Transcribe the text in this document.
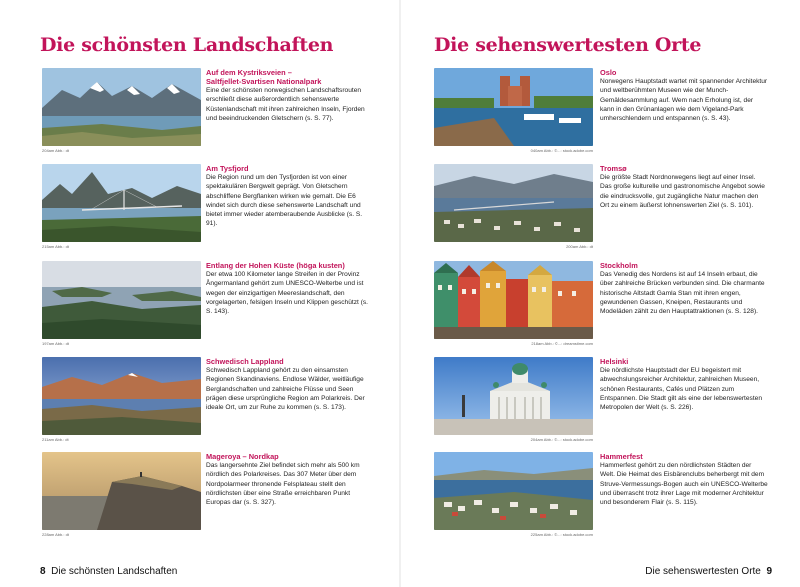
Die schönsten Landschaften
204am Abb.: dt
Auf dem Kystriksveien –
Saltfjellet-Svartisen Nationalpark
Eine der schönsten norwegischen Landschaftsrouten erschließt diese außerordentlich sehenswerte Küstenlandschaft mit ihren zahlreichen Inseln, Fjorden und beeindruckenden Gletschern (s. S. 77).
215am Abb.: dt
Am Tysfjord
Die Region rund um den Tysfjorden ist von einer spektakulären Bergwelt geprägt. Von Gletschern abschliffene Bergflanken wirken wie gemalt. Die E6 windet sich durch diese sehenswerte Landschaft und bietet immer wieder atemberaubende Ausblicke (s. S. 91).
197am Abb.: dt
Entlang der Hohen Küste (höga kusten)
Der etwa 100 Kilometer lange Streifen in der Provinz Ångermanland gehört zum UNESCO-Welterbe und ist wegen der einzigartigen Meereslandschaft, den vorgelagerten, felsigen Inseln und Klippen geschützt (s. S. 143).
211am Abb.: dt
Schwedisch Lappland
Schwedisch Lappland gehört zu den einsamsten Regionen Skandinaviens. Endlose Wälder, weitläufige Berglandschaften und zahlreiche Flüsse und Seen prägen diese ursprüngliche Region am Polarkreis. Der ideale Ort, um zur Ruhe zu kommen (s. S. 173).
228am Abb.: dt
Mageroya – Nordkap
Das langersehnte Ziel befindet sich mehr als 500 km nördlich des Polarkreises. Das 307 Meter über dem Nordpolarmeer thronende Felsplateau stellt den nördlichsten über eine Straße erreichbaren Punkt Europas dar (s. S. 327).
8 Die schönsten Landschaften
Die sehenswertesten Orte
040am Abb.: ©...: stock.adobe.com
Oslo
Norwegens Hauptstadt wartet mit spannender Architektur und weltberühmten Museen wie der Munch-Gemäldesammlung auf. Wem nach Erholung ist, der kann in den Grünanlagen wie dem Vigeland-Park umherschlendern und entspannen (s. S. 43).
200am Abb.: dt
Tromsø
Die größte Stadt Nordnorwegens liegt auf einer Insel. Das große kulturelle und gastronomische Angebot sowie die eindrucksvolle, gut zugängliche Natur machen den Ort zu einem äußerst lohnenswerten Ziel (s. S. 101).
218am Abb.: ©...: dreamstime.com
Stockholm
Das Venedig des Nordens ist auf 14 Inseln erbaut, die über zahlreiche Brücken verbunden sind. Die charmante historische Altstadt Gamla Stan mit ihren engen, gewundenen Gassen, Kneipen, Restaurants und Modeläden zählt zu den Hauptattraktionen (s. S. 128).
204am Abb.: ©...: stock.adobe.com
Helsinki
Die nördlichste Hauptstadt der EU begeistert mit abwechslungsreicher Architektur, zahlreichen Museen, schönen Restaurants, Cafés und Plätzen zum Entspannen. Die Stadt gilt als eine der lebenswertesten Metropolen der Welt (s. S. 226).
225am Abb.: ©...: stock.adobe.com
Hammerfest
Hammerfest gehört zu den nördlichsten Städten der Welt. Die Heimat des Eisbärenclubs beherbergt mit dem Struve-Vermessungs-Bogen auch ein UNESCO-Welterbe und überrascht trotz ihrer Lage mit moderner Architektur und besonderem Flair (s. S. 115).
Die sehenswertesten Orte 9
